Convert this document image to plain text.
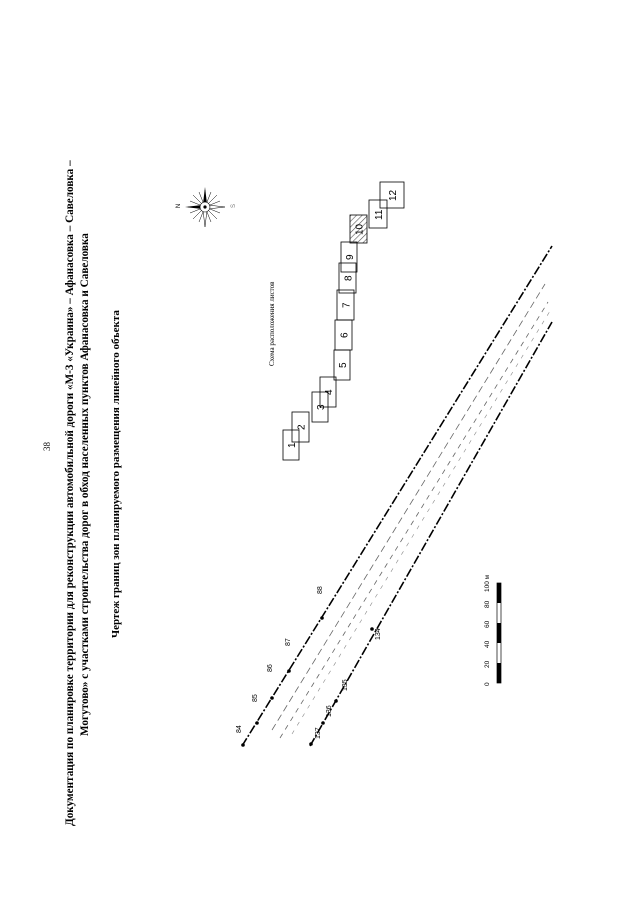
38 Документация по планировке территории для реконструкции автомобильной дороги «М-3 «Украина» – Афанасовка – Савеловка – Могутово» с участками строительства дорог в обход населенных пунктов Афанасовка и Савеловка Чертеж границ зон планируемого размещения линейного объекта
84
85
86
87
88
137
136
135
134
N	S
1
2
3
4
5
6
7
8
9
10
11
12
Схема расположения листов
0
20
40
60
80
100 м
